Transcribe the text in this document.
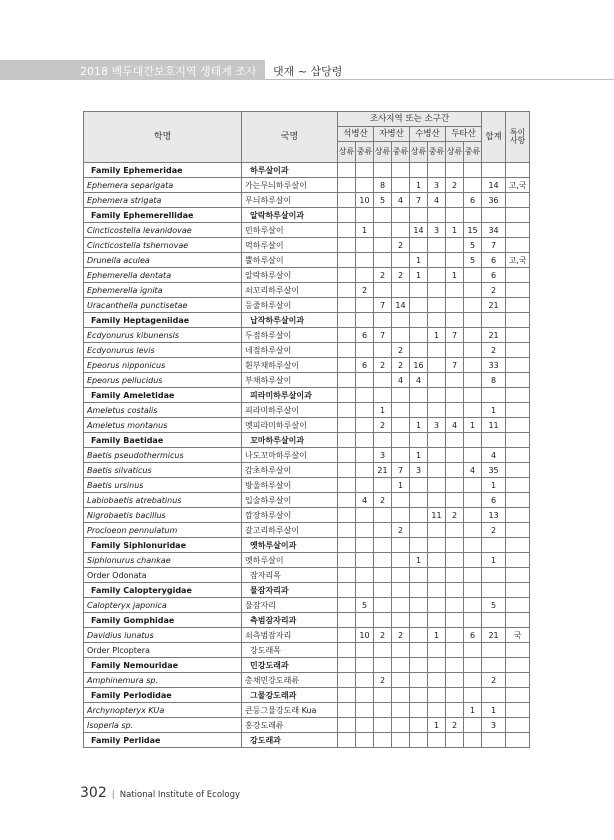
2018 백두대간보호지역 생태계 조사 댓재 ~ 삽당령
학명	국명	조사지역 또는 소구간								합계	특이사항
		석병산		자병산		수병산		두타산			
		상류	중류	상류	중류	상류	중류	상류	중류		
Family Ephemeridae	하루살이과										
Ephemera separigata	가는무늬하루살이			8		1	3	2		14	고,국
Ephemera strigata	무늬하루살이		10	5	4	7	4		6	36	
Family Ephemerellidae	알락하루살이과										
Cincticostella levanidovae	민하루살이		1			14	3	1	15	34	
Cincticostella tshernovae	먹하루살이				2				5	7	
Drunella aculea	뿔하루살이					1			5	6	고,국
Ephemerella dentata	알락하루살이			2	2	1		1		6	
Ephemerella ignita	쇠꼬리하루살이		2							2	
Uracanthella punctisetae	등줄하루살이			7	14					21	
Family Heptageniidae	납작하루살이과										
Ecdyonurus kibunensis	두점하루살이		6	7			1	7		21	
Ecdyonurus levis	네점하루살이				2					2	
Epeorus nipponicus	흰부채하루살이		6	2	2	16		7		33	
Epeorus pellucidus	부채하루살이				4	4				8	
Family Ameletidae	피라미하루살이과										
Ameletus costalis	피라미하루살이			1						1	
Ameletus montanus	멧피라미하루살이			2		1	3	4	1	11	
Family Baetidae	꼬마하루살이과										
Baetis pseudothermicus	나도꼬마하루살이			3		1				4	
Baetis silvaticus	감초하루살이			21	7	3			4	35	
Baetis ursinus	방울하루살이				1					1	
Labiobaetis atrebatinus	입술하루살이		4	2						6	
Nigrobaetis bacillus	깜장하루살이						11	2		13	
Procloeon pennulatum	갈고리하루살이				2					2	
Family Siphlonuridae	옛하루살이과										
Siphlonurus chankae	멧하루살이					1				1	
Order Odonata	잠자리목										
Family Calopterygidae	물잠자리과										
Calopteryx japonica	물잠자리		5							5	
Family Gomphidae	측범잠자리과										
Davidius lunatus	쇠측범잠자리		10	2	2		1		6	21	국
Order Plcoptera	강도래목										
Family Nemouridae	민강도래과										
Amphinemura sp.	총채민강도래류			2						2	
Family Perlodidae	그물강도래과										
Archynopteryx KUa	큰등그물강도래 Kua								1	1	
Isoperla sp.	홍강도래류						1	2		3	
Family Perlidae	강도래과										
302 | National Institute of Ecology
